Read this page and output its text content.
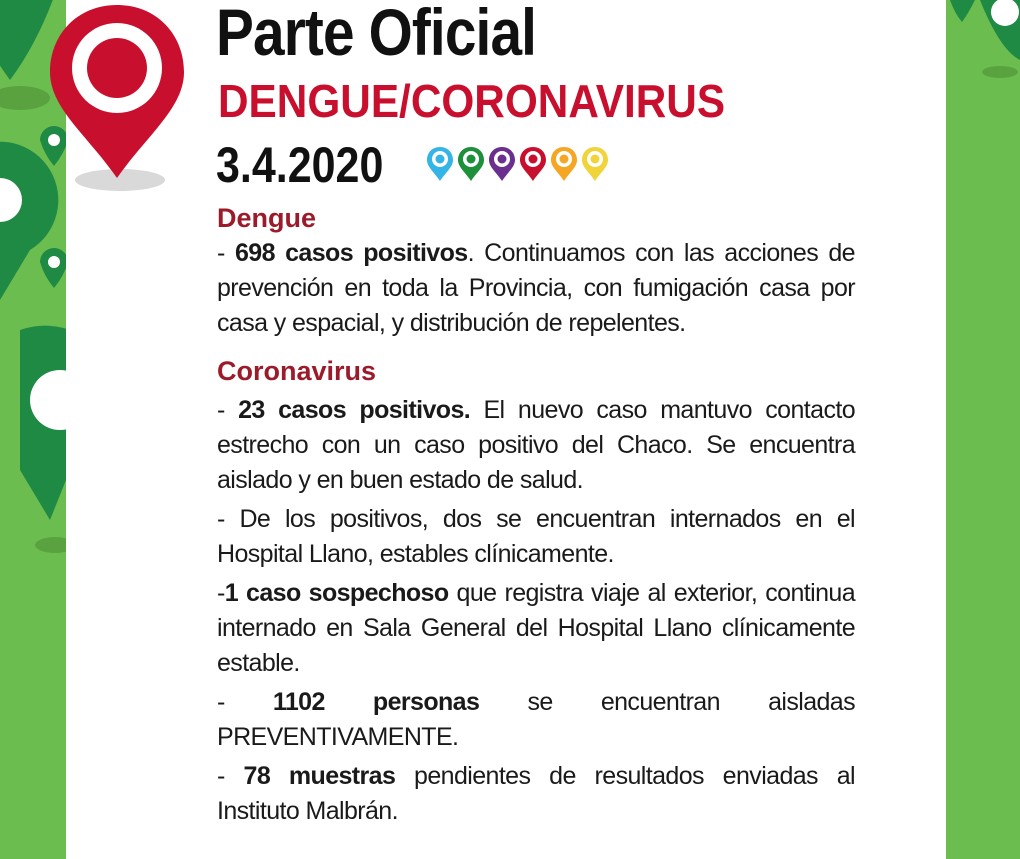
Parte Oficial
DENGUE/CORONAVIRUS
3.4.2020
Dengue

- 698 casos positivos. Continuamos con las acciones de prevención en toda la Provincia, con fumigación casa por casa y espacial, y distribución de repelentes.

Coronavirus

- 23 casos positivos. El nuevo caso mantuvo contacto estrecho con un caso positivo del Chaco. Se encuentra aislado y en buen estado de salud.

- De los positivos, dos se encuentran internados en el Hospital Llano, estables clínicamente.

-1 caso sospechoso que registra viaje al exterior, continua internado en Sala General del Hospital Llano clínicamente estable.

- 1102 personas se encuentran aisladas PREVENTIVAMENTE.

- 78 muestras pendientes de resultados enviadas al Instituto Malbrán.
